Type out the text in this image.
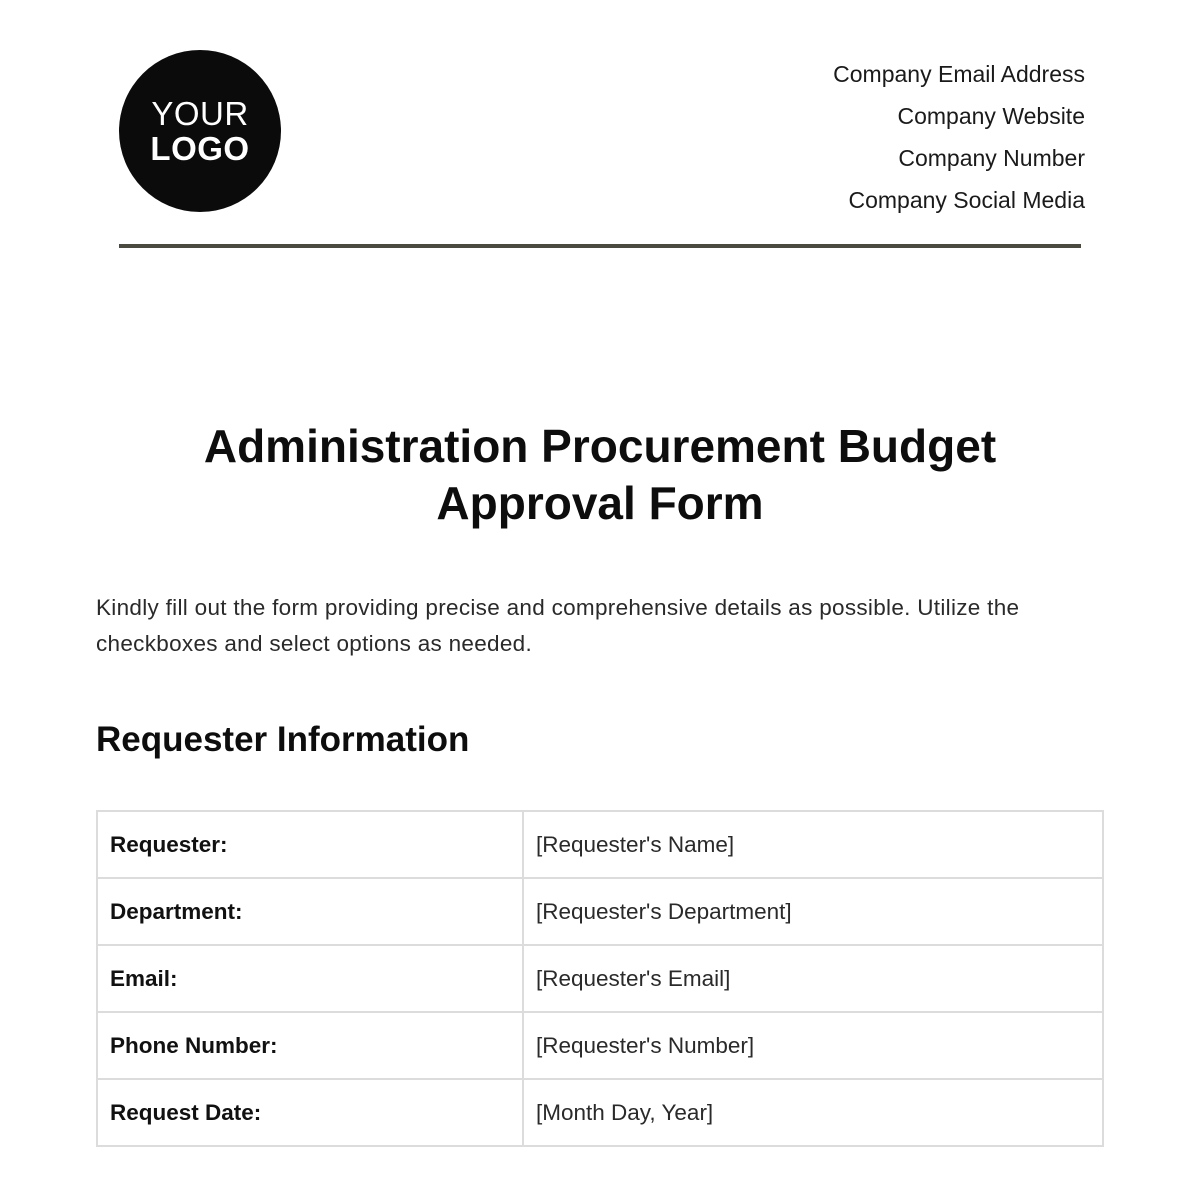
YOUR
LOGO
Company Email Address
Company Website
Company Number
Company Social Media
Administration Procurement Budget
Approval Form

Kindly fill out the form providing precise and comprehensive details as possible. Utilize the checkboxes and select options as needed.

Requester Information
Requester:	[Requester's Name]
Department:	[Requester's Department]
Email:	[Requester's Email]
Phone Number:	[Requester's Number]
Request Date:	[Month Day, Year]
